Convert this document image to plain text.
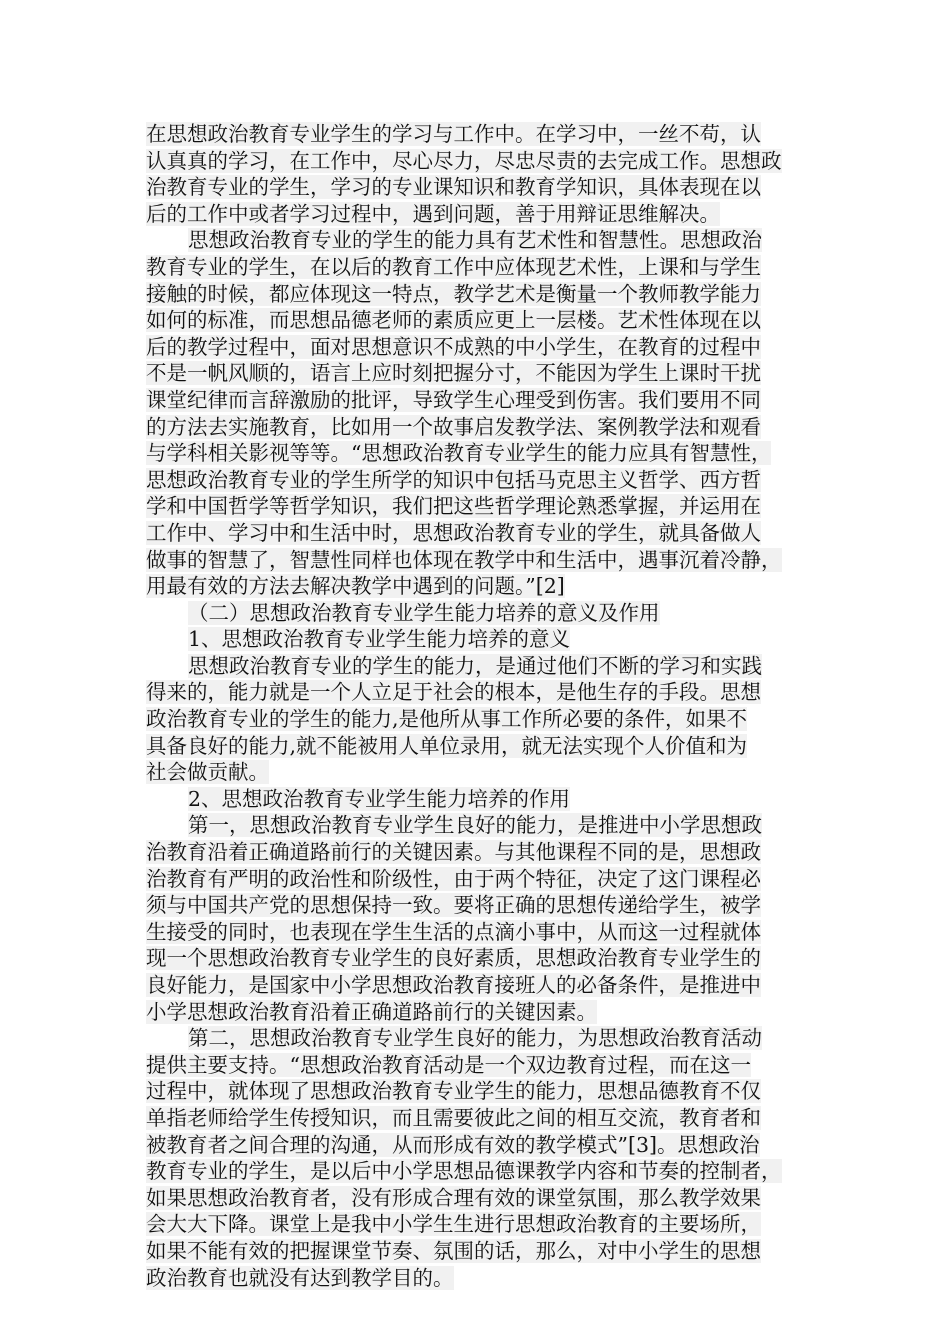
在思想政治教育专业学生的学习与工作中。在学习中，一丝不苟，认
认真真的学习，在工作中，尽心尽力，尽忠尽责的去完成工作。思想政
治教育专业的学生，学习的专业课知识和教育学知识，具体表现在以
后的工作中或者学习过程中，遇到问题，善于用辩证思维解决。
思想政治教育专业的学生的能力具有艺术性和智慧性。思想政治
教育专业的学生，在以后的教育工作中应体现艺术性，上课和与学生
接触的时候，都应体现这一特点，教学艺术是衡量一个教师教学能力
如何的标准，而思想品德老师的素质应更上一层楼。艺术性体现在以
后的教学过程中，面对思想意识不成熟的中小学生，在教育的过程中
不是一帆风顺的，语言上应时刻把握分寸，不能因为学生上课时干扰
课堂纪律而言辞激励的批评，导致学生心理受到伤害。我们要用不同
的方法去实施教育，比如用一个故事启发教学法、案例教学法和观看
与学科相关影视等等。“思想政治教育专业学生的能力应具有智慧性，
思想政治教育专业的学生所学的知识中包括马克思主义哲学、西方哲
学和中国哲学等哲学知识，我们把这些哲学理论熟悉掌握，并运用在
工作中、学习中和生活中时，思想政治教育专业的学生，就具备做人
做事的智慧了，智慧性同样也体现在教学中和生活中，遇事沉着冷静，
用最有效的方法去解决教学中遇到的问题。”[2]
（二）思想政治教育专业学生能力培养的意义及作用
1、思想政治教育专业学生能力培养的意义
思想政治教育专业的学生的能力，是通过他们不断的学习和实践
得来的，能力就是一个人立足于社会的根本，是他生存的手段。思想
政治教育专业的学生的能力,是他所从事工作所必要的条件，如果不
具备良好的能力,就不能被用人单位录用，就无法实现个人价值和为
社会做贡献。
2、思想政治教育专业学生能力培养的作用
第一，思想政治教育专业学生良好的能力，是推进中小学思想政
治教育沿着正确道路前行的关键因素。与其他课程不同的是，思想政
治教育有严明的政治性和阶级性，由于两个特征，决定了这门课程必
须与中国共产党的思想保持一致。要将正确的思想传递给学生，被学
生接受的同时，也表现在学生生活的点滴小事中，从而这一过程就体
现一个思想政治教育专业学生的良好素质，思想政治教育专业学生的
良好能力，是国家中小学思想政治教育接班人的必备条件，是推进中
小学思想政治教育沿着正确道路前行的关键因素。
第二，思想政治教育专业学生良好的能力，为思想政治教育活动
提供主要支持。“思想政治教育活动是一个双边教育过程，而在这一
过程中，就体现了思想政治教育专业学生的能力，思想品德教育不仅
单指老师给学生传授知识，而且需要彼此之间的相互交流，教育者和
被教育者之间合理的沟通，从而形成有效的教学模式”[3]。思想政治
教育专业的学生，是以后中小学思想品德课教学内容和节奏的控制者，
如果思想政治教育者，没有形成合理有效的课堂氛围，那么教学效果
会大大下降。课堂上是我中小学生生进行思想政治教育的主要场所，
如果不能有效的把握课堂节奏、氛围的话，那么，对中小学生的思想
政治教育也就没有达到教学目的。
